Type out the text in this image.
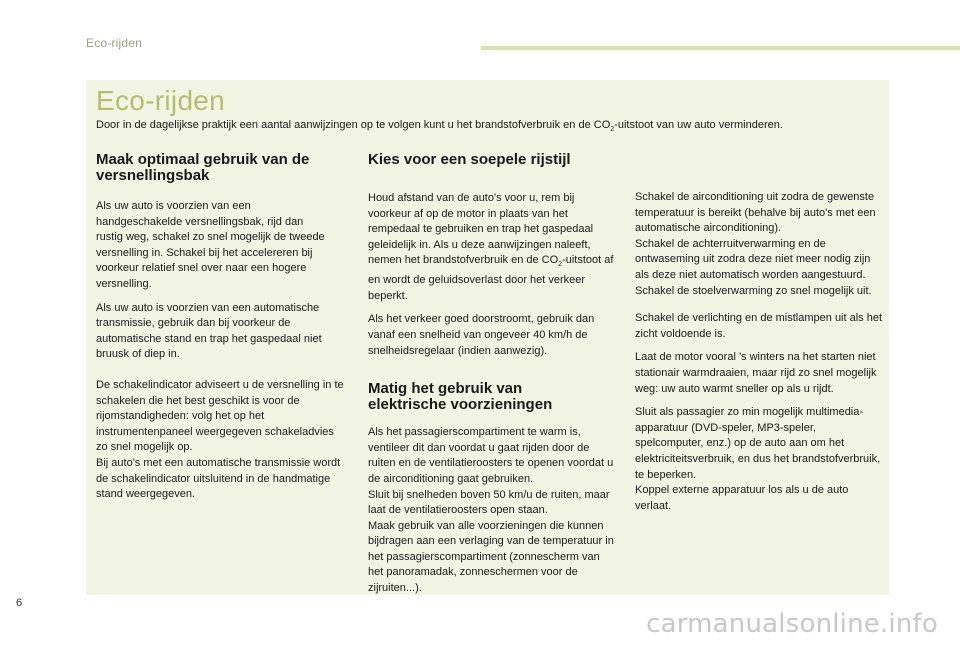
Eco-rijden
Eco-rijden
Door in de dagelijkse praktijk een aantal aanwijzingen op te volgen kunt u het brandstofverbruik en de $CO_2$-uitstoot van uw auto verminderen.
Maak optimaal gebruik van de versnellingsbak

Als uw auto is voorzien van een handgeschakelde versnellingsbak, rijd dan rustig weg, schakel zo snel mogelijk de tweede versnelling in. Schakel bij het accelereren bij voorkeur relatief snel over naar een hogere versnelling.

Als uw auto is voorzien van een automatische transmissie, gebruik dan bij voorkeur de automatische stand en trap het gaspedaal niet bruusk of diep in.

De schakelindicator adviseert u de versnelling in te schakelen die het best geschikt is voor de rijomstandigheden: volg het op het instrumentenpaneel weergegeven schakeladvies zo snel mogelijk op.

Bij auto's met een automatische transmissie wordt de schakelindicator uitsluitend in de handmatige stand weergegeven.

Kies voor een soepele rijstijl

Houd afstand van de auto's voor u, rem bij voorkeur af op de motor in plaats van het rempedaal te gebruiken en trap het gaspedaal geleidelijk in. Als u deze aanwijzingen naleeft, nemen het brandstofverbruik en de $CO_2$-uitstoot af en wordt de geluidsoverlast door het verkeer beperkt.

Als het verkeer goed doorstroomt, gebruik dan vanaf een snelheid van ongeveer 40 km/h de snelheidsregelaar (indien aanwezig).

Matig het gebruik van elektrische voorzieningen

Als het passagierscompartiment te warm is, ventileer dit dan voordat u gaat rijden door de ruiten en de ventilatieroosters te openen voordat u de airconditioning gaat gebruiken.

Sluit bij snelheden boven 50 km/u de ruiten, maar laat de ventilatieroosters open staan.

Maak gebruik van alle voorzieningen die kunnen bijdragen aan een verlaging van de temperatuur in het passagierscompartiment (zonnescherm van het panoramadak, zonneschermen voor de zijruiten...).

Schakel de airconditioning uit zodra de gewenste temperatuur is bereikt (behalve bij auto's met een automatische airconditioning).

Schakel de achterruitverwarming en de ontwaseming uit zodra deze niet meer nodig zijn als deze niet automatisch worden aangestuurd.

Schakel de stoelverwarming zo snel mogelijk uit.

Schakel de verlichting en de mistlampen uit als het zicht voldoende is.

Laat de motor vooral 's winters na het starten niet stationair warmdraaien, maar rijd zo snel mogelijk weg: uw auto warmt sneller op als u rijdt.

Sluit als passagier zo min mogelijk multimedia-apparatuur (DVD-speler, MP3-speler, spelcomputer, enz.) op de auto aan om het elektriciteitsverbruik, en dus het brandstofverbruik, te beperken.

Koppel externe apparatuur los als u de auto verlaat.

6
carmanualsonline.info
